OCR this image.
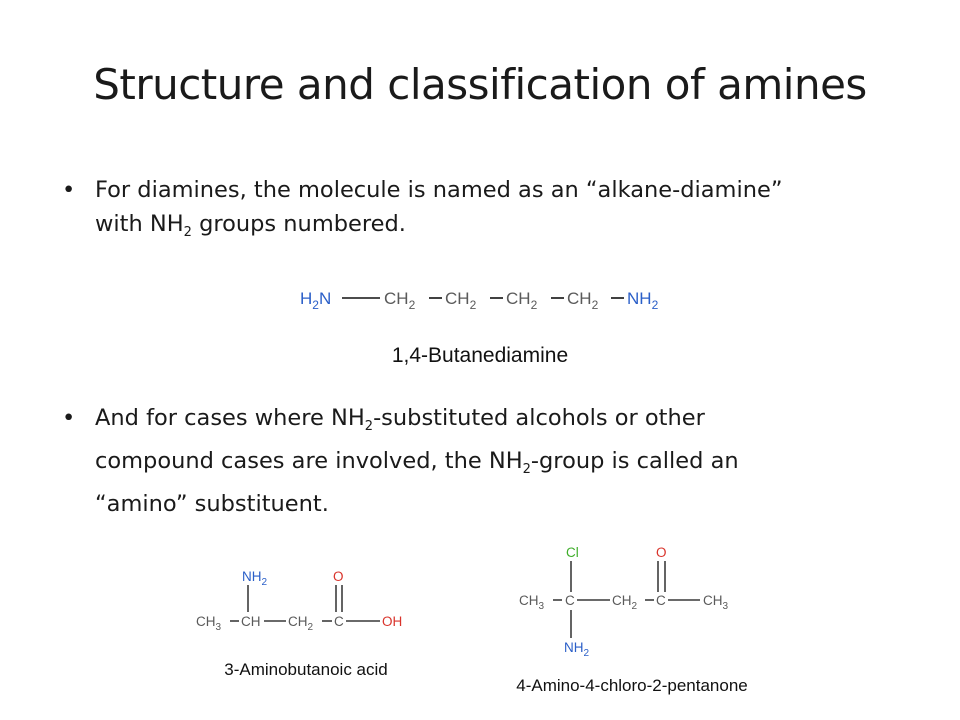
Structure and classification of amines
• For diamines, the molecule is named as an “alkane-diamine”
with $NH_2$ groups numbered.
• And for cases where $NH_2$-substituted alcohols or other
compound cases are involved, the $NH_2$-group is called an
“amino” substituent.
$H_2N$	$CH_2$ $CH_2$ $CH_2$ $CH_2$ $NH_2$
1,4-Butanediamine
$NH_2$	O
$CH_3$ CH $CH_2$ C	OH
3-Aminobutanoic acid
Cl	O
$CH_3$ C	$CH_2$ C	$CH_3$
$NH_2$
4-Amino-4-chloro-2-pentanone
